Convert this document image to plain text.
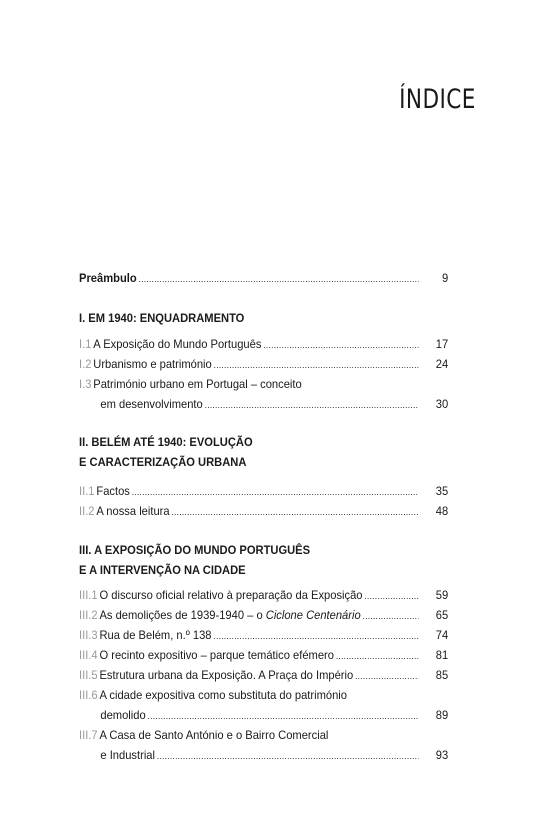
ÍNDICE
Preâmbulo .....	9
I. EM 1940: ENQUADRAMENTO
I.1 A Exposição do Mundo Português .....	17
I.2 Urbanismo e património .....	24
I.3 Património urbano em Portugal – conceito
em desenvolvimento .....	30
II. BELÉM ATÉ 1940: EVOLUÇÃO
E CARACTERIZAÇÃO URBANA
II.1 Factos .....	35
II.2 A nossa leitura .....	48
III. A EXPOSIÇÃO DO MUNDO PORTUGUÊS
E A INTERVENÇÃO NA CIDADE
III.1 O discurso oficial relativo à preparação da Exposição .....	59
III.2 As demolições de 1939-1940 – o Ciclone Centenário .....	65
III.3 Rua de Belém, n.º 138 .....	74
III.4 O recinto expositivo – parque temático efémero .....	81
III.5 Estrutura urbana da Exposição. A Praça do Império .....	85
III.6 A cidade expositiva como substituta do património
demolido .....	89
III.7 A Casa de Santo António e o Bairro Comercial
e Industrial .....	93
